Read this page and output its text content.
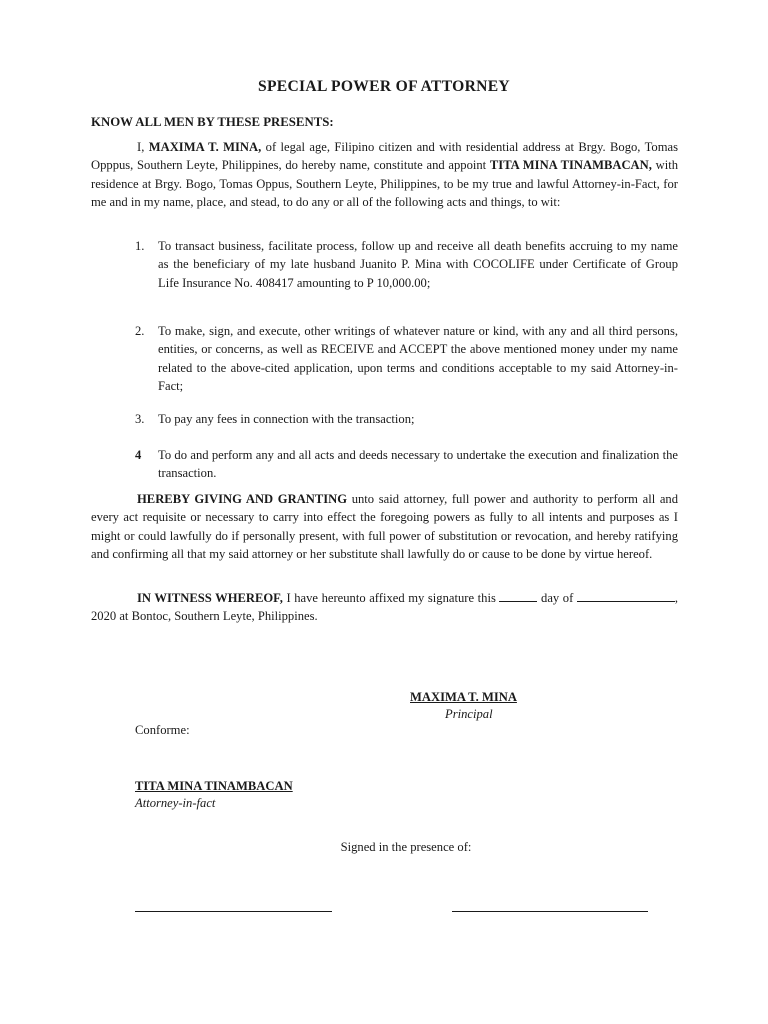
SPECIAL POWER OF ATTORNEY
KNOW ALL MEN BY THESE PRESENTS:
I, MAXIMA T. MINA, of legal age, Filipino citizen and with residential address at Brgy. Bogo, Tomas Opppus, Southern Leyte, Philippines, do hereby name, constitute and appoint TITA MINA TINAMBACAN, with residence at Brgy. Bogo, Tomas Oppus, Southern Leyte, Philippines, to be my true and lawful Attorney-in-Fact, for me and in my name, place, and stead, to do any or all of the following acts and things, to wit:
1.	To transact business, facilitate process, follow up and receive all death benefits accruing to my name as the beneficiary of my late husband Juanito P. Mina with COCOLIFE under Certificate of Group Life Insurance No. 408417 amounting to P 10,000.00;
2.	To make, sign, and execute, other writings of whatever nature or kind, with any and all third persons, entities, or concerns, as well as RECEIVE and ACCEPT the above mentioned money under my name related to the above-cited application, upon terms and conditions acceptable to my said Attorney-in-Fact;
3.	To pay any fees in connection with the transaction;
4	To do and perform any and all acts and deeds necessary to undertake the execution and finalization the transaction.
HEREBY GIVING AND GRANTING unto said attorney, full power and authority to perform all and every act requisite or necessary to carry into effect the foregoing powers as fully to all intents and purposes as I might or could lawfully do if personally present, with full power of substitution or revocation, and hereby ratifying and confirming all that my said attorney or her substitute shall lawfully do or cause to be done by virtue hereof.
IN WITNESS WHEREOF, I have hereunto affixed my signature this	day of	, 2020 at Bontoc, Southern Leyte, Philippines.
MAXIMA T. MINA
Principal
Conforme:
TITA MINA TINAMBACAN
Attorney-in-fact
Signed in the presence of:
